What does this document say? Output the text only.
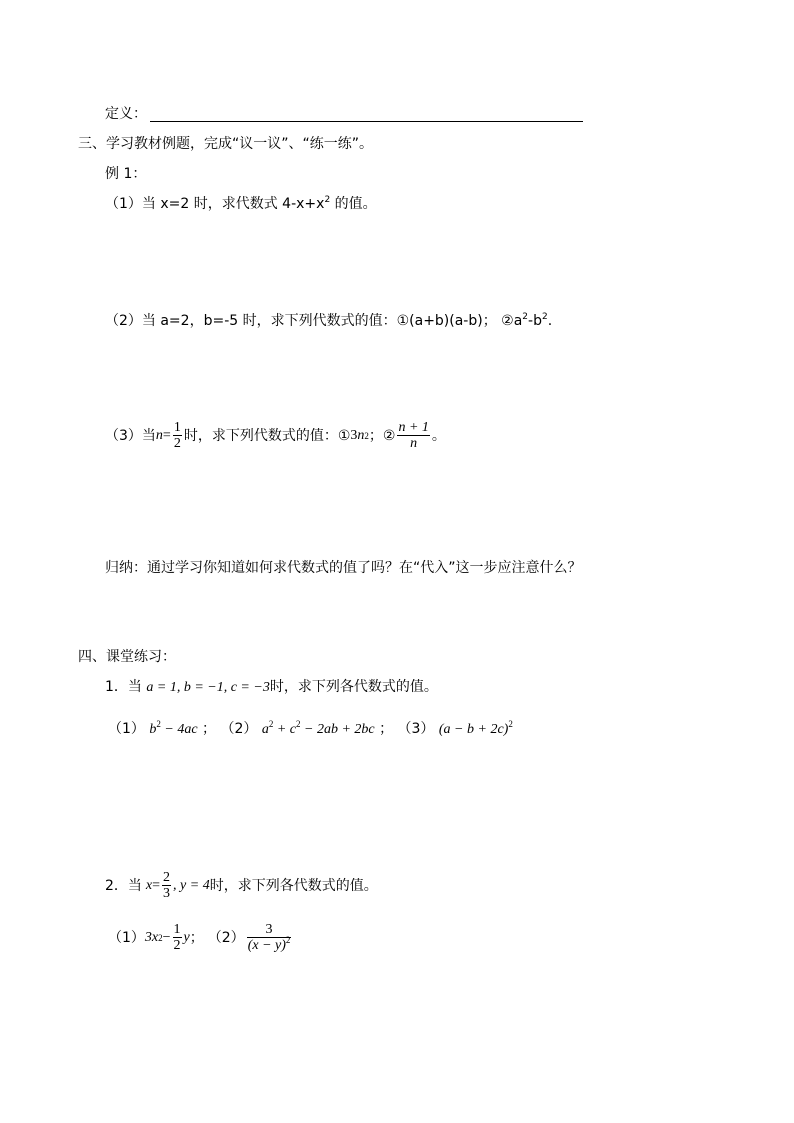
定义：
三、学习教材例题，完成“议一议”、“练一练”。
例 1：
（1）当 x=2 时，求代数式 $4-x+x^2$ 的值。
（2）当 a=2，b=-5 时，求下列代数式的值：①(a+b)(a-b)； $②a^2-b^2$.
（3）当 $n = \frac{1}{2}$ 时，求下列代数式的值：① 3 n 2 ；② $\frac{n + 1}{n}$ 。
归纳：通过学习你知道如何求代数式的值了吗？在“代入”这一步应注意什么？
四、课堂练习：
1．当 a = 1, b = −1, c = −3时，求下列各代数式的值。
（1） $b^2 - 4ac$ ； （2） $a^2 + c^2 - 2ab + 2bc$ ； （3） $(a - b + 2c)^2$
2．当 $x = \frac{2}{3}$ , y = 4 时，求下列各代数式的值。
（1） 3x $2 - \frac{1}{2}$ y ； $(2) \frac{3}{(x - y)^2}$
